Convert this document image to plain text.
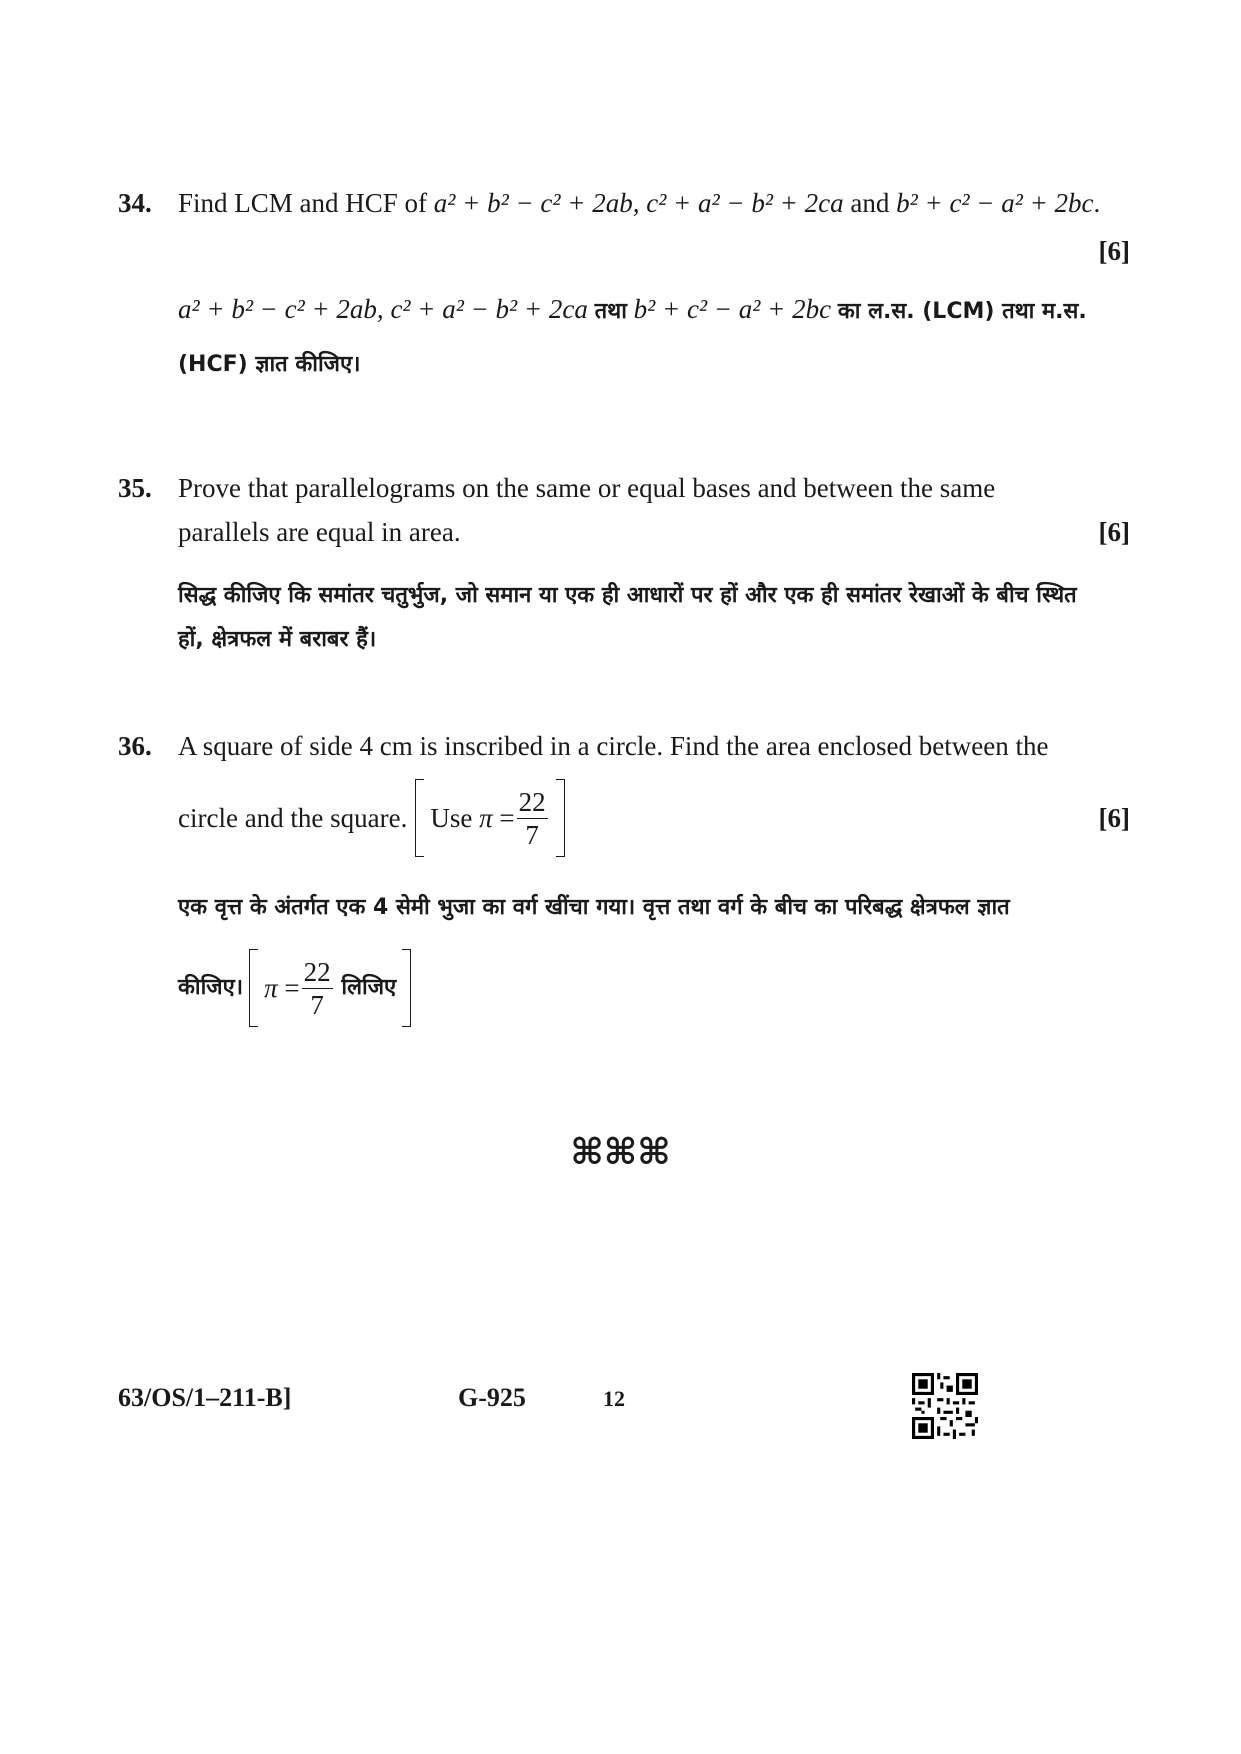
34. Find LCM and HCF of a² + b² − c² + 2ab, c² + a² − b² + 2ca and b² + c² − a² + 2bc.
[6]
a² + b² − c² + 2ab, c² + a² − b² + 2ca तथा b² + c² − a² + 2bc का ल.स. (LCM) तथा म.स.
(HCF) ज्ञात कीजिए।
35. Prove that parallelograms on the same or equal bases and between the same
parallels are equal in area.	[6]
सिद्ध कीजिए कि समांतर चतुर्भुज, जो समान या एक ही आधारों पर हों और एक ही समांतर रेखाओं के बीच स्थित
हों, क्षेत्रफल में बराबर हैं।
36. A square of side 4 cm is inscribed in a circle. Find the area enclosed between the
circle and the square. Use
π
= $\frac{22}{7}$	[6]
एक वृत्त के अंतर्गत एक 4 सेमी भुजा का वर्ग खींचा गया। वृत्त तथा वर्ग के बीच का परिबद्ध क्षेत्रफल ज्ञात
कीजिए। π
= $\frac{22}{7}$
लिजिए
⌘⌘⌘
63/OS/1–211-B]	G-925	12
